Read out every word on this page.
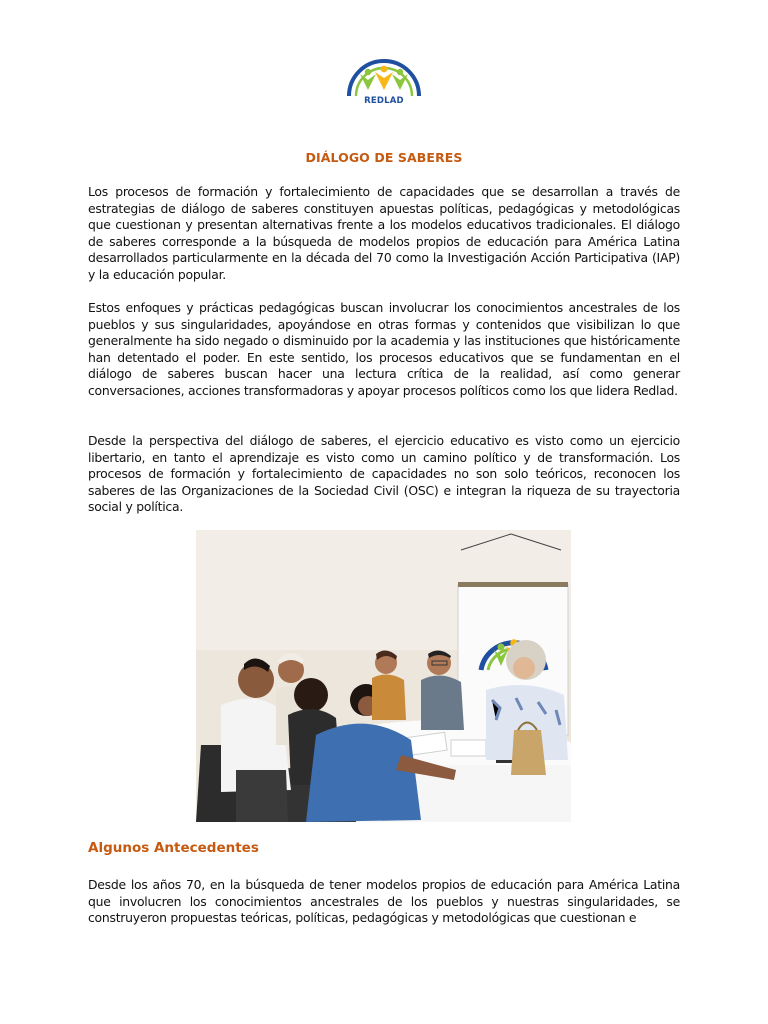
REDLAD
DIÁLOGO DE SABERES

Los procesos de formación y fortalecimiento de capacidades que se desarrollan a través de estrategias de diálogo de saberes constituyen apuestas políticas, pedagógicas y metodológicas que cuestionan y presentan alternativas frente a los modelos educativos tradicionales. El diálogo de saberes corresponde a la búsqueda de modelos propios de educación para América Latina desarrollados particularmente en la década del 70 como la Investigación Acción Participativa (IAP) y la educación popular.

Estos enfoques y prácticas pedagógicas buscan involucrar los conocimientos ancestrales de los pueblos y sus singularidades, apoyándose en otras formas y contenidos que visibilizan lo que generalmente ha sido negado o disminuido por la academia y las instituciones que históricamente han detentado el poder. En este sentido, los procesos educativos que se fundamentan en el diálogo de saberes buscan hacer una lectura crítica de la realidad, así como generar conversaciones, acciones transformadoras y apoyar procesos políticos como los que lidera Redlad.

Desde la perspectiva del diálogo de saberes, el ejercicio educativo es visto como un ejercicio libertario, en tanto el aprendizaje es visto como un camino político y de transformación. Los procesos de formación y fortalecimiento de capacidades no son solo teóricos, reconocen los saberes de las Organizaciones de la Sociedad Civil (OSC) e integran la riqueza de su trayectoria social y política.

Algunos Antecedentes

Desde los años 70, en la búsqueda de tener modelos propios de educación para América Latina que involucren los conocimientos ancestrales de los pueblos y nuestras singularidades, se construyeron propuestas teóricas, políticas, pedagógicas y metodológicas que cuestionan e
